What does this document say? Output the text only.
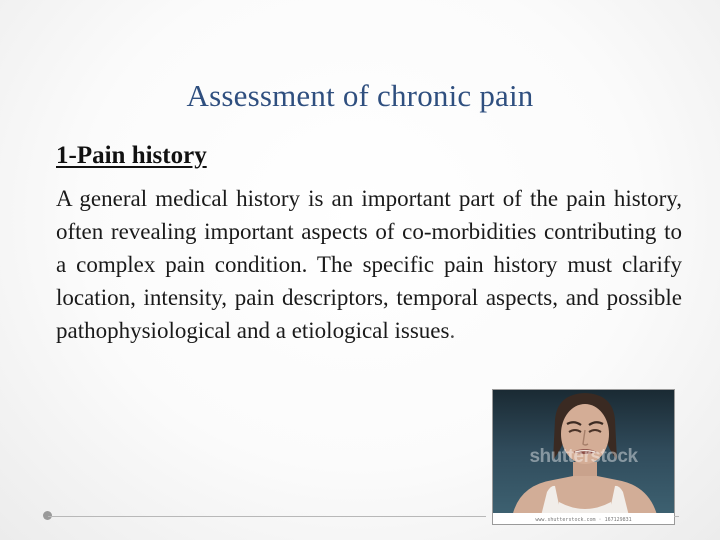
Assessment of chronic pain
1-Pain history
A general medical history is an important part of the pain history, often revealing important aspects of co-morbidities contributing to a complex pain condition. The specific pain history must clarify location, intensity, pain descriptors, temporal aspects, and possible pathophysiological and a etiological issues.
shutterstock
www.shutterstock.com · 167129831
